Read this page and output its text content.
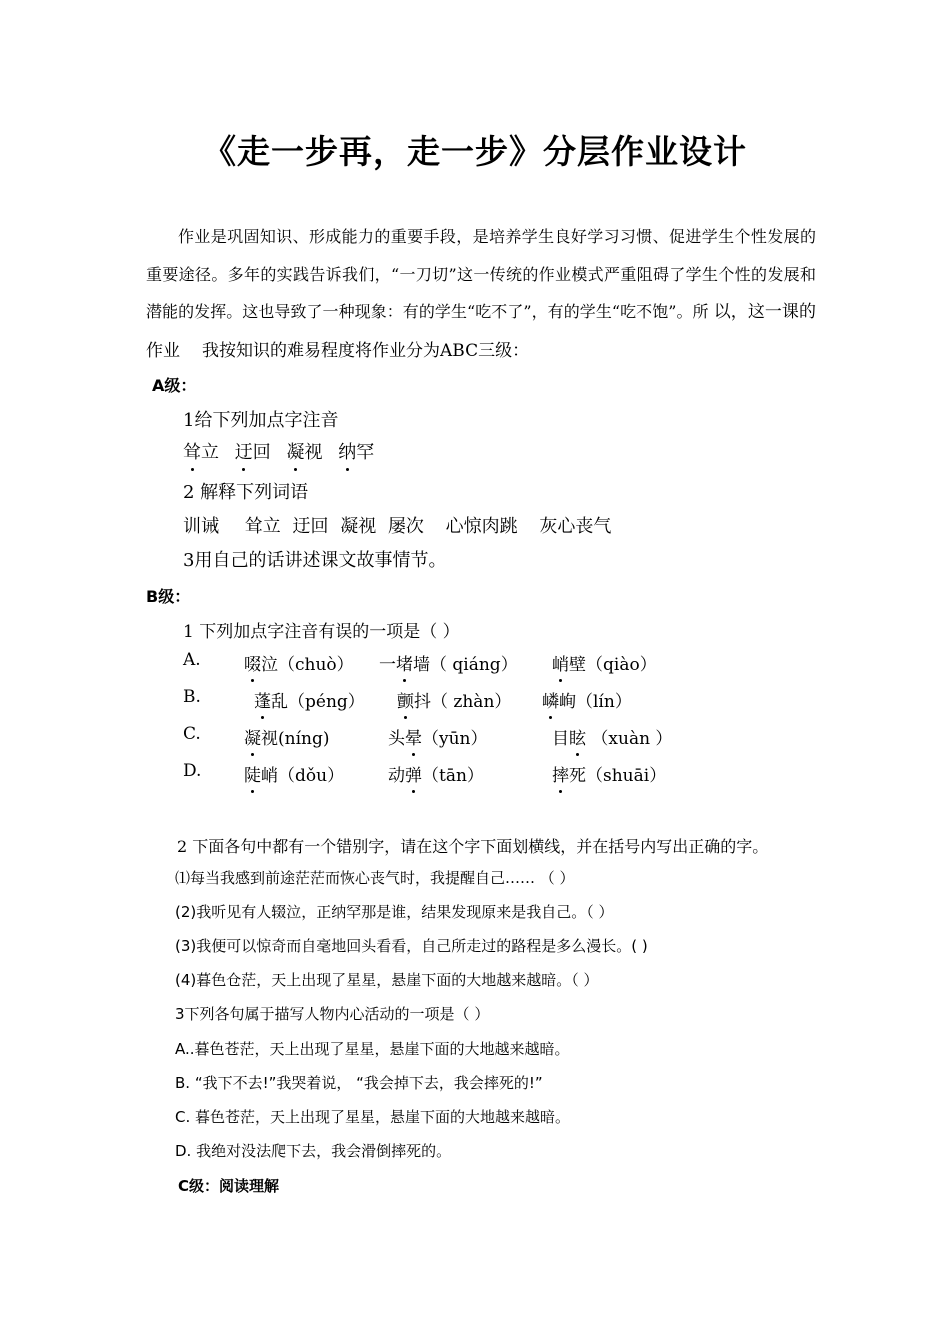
《走一步再，走一步》分层作业设计
作业是巩固知识、形成能力的重要手段，是培养学生良好学习习惯、促进学生个性发展的重要途径。多年的实践告诉我们，“一刀切”这一传统的作业模式严重阻碍了学生个性的发展和潜能的发挥。这也导致了一种现象：有的学生“吃不了”，有的学生“吃不饱”。所 以，这一课的作业 我按知识的难易程度将作业分为ABC三级：
A级：
1给下列加点字注音
耸立 迂回 凝视 纳罕
2 解释下列词语
训诫 耸立 迂回 凝视 屡次 心惊肉跳 灰心丧气
3用自己的话讲述课文故事情节。
B级：
1 下列加点字注音有误的一项是（ ）
A.	啜泣（chuò） 一堵墙（ qiáng） 峭壁（qiào）
B.	蓬乱（péng） 颤抖（ zhàn） 嶙峋（lín）
C.	凝视(níng)	头晕（yūn）	目眩 （xuàn ）
D.	陡峭（dǒu）	动弹（tān）	摔死（shuāi）
2 下面各句中都有一个错别字，请在这个字下面划横线，并在括号内写出正确的字。
⑴每当我感到前途茫茫而恢心丧气时，我提醒自己…… （ ）
(2)我听见有人辍泣，正纳罕那是谁，结果发现原来是我自己。（ ）
(3)我便可以惊奇而自毫地回头看看，自己所走过的路程是多么漫长。( )
(4)暮色仓茫，天上出现了星星，悬崖下面的大地越来越暗。（ ）
3下列各句属于描写人物内心活动的一项是（ ）
A..暮色苍茫，天上出现了星星，悬崖下面的大地越来越暗。
B. “我下不去!”我哭着说， “我会掉下去，我会摔死的!”
C. 暮色苍茫，天上出现了星星，悬崖下面的大地越来越暗。
D. 我绝对没法爬下去，我会滑倒摔死的。
C级：阅读理解
